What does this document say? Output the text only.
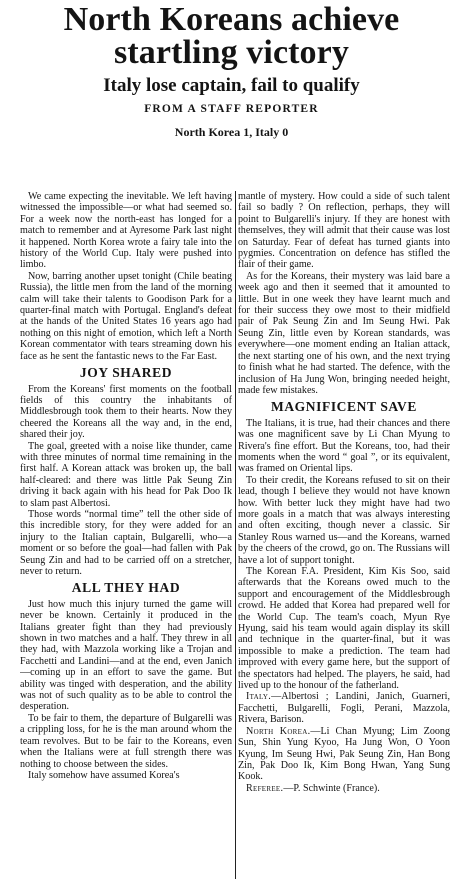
North Koreans achieve
startling victory
Italy lose captain, fail to qualify
FROM A STAFF REPORTER
North Korea 1, Italy 0

We came expecting the inevitable. We left having witnessed the impossible—or what had seemed so. For a week now the north-east has longed for a match to remember and at Ayresome Park last night it happened. North Korea wrote a fairy tale into the history of the World Cup. Italy were pushed into limbo.

Now, barring another upset tonight (Chile beating Russia), the little men from the land of the morning calm will take their talents to Goodison Park for a quarter-final match with Portugal. England's defeat at the hands of the United States 16 years ago had nothing on this night of emotion, which left a North Korean commentator with tears streaming down his face as he sent the fantastic news to the Far East.

JOY SHARED

From the Koreans' first moments on the football fields of this country the inhabitants of Middlesbrough took them to their hearts. Now they cheered the Koreans all the way and, in the end, shared their joy.

The goal, greeted with a noise like thunder, came with three minutes of normal time remaining in the first half. A Korean attack was broken up, the ball half-cleared: and there was little Pak Seung Zin driving it back again with his head for Pak Doo Ik to slam past Albertosi.

Those words “normal time” tell the other side of this incredible story, for they were added for an injury to the Italian captain, Bulgarelli, who—a moment or so before the goal—had fallen with Pak Seung Zin and had to be carried off on a stretcher, never to return.

ALL THEY HAD

Just how much this injury turned the game will never be known. Certainly it produced in the Italians greater fight than they had previously shown in two matches and a half. They threw in all they had, with Mazzola working like a Trojan and Facchetti and Landini—and at the end, even Janich—coming up in an effort to save the game. But ability was tinged with desperation, and the ability was not of such quality as to be able to control the desperation.

To be fair to them, the departure of Bulgarelli was a crippling loss, for he is the man around whom the team revolves. But to be fair to the Koreans, even when the Italians were at full strength there was nothing to choose between the sides.

Italy somehow have assumed Korea's

mantle of mystery. How could a side of such talent fail so badly ? On reflection, perhaps, they will point to Bulgarelli's injury. If they are honest with themselves, they will admit that their cause was lost on Saturday. Fear of defeat has turned giants into pygmies. Concentration on defence has stifled the flair of their game.

As for the Koreans, their mystery was laid bare a week ago and then it seemed that it amounted to little. But in one week they have learnt much and for their success they owe most to their midfield pair of Pak Seung Zin and Im Seung Hwi. Pak Seung Zin, little even by Korean standards, was everywhere—one moment ending an Italian attack, the next starting one of his own, and the next trying to finish what he had started. The defence, with the inclusion of Ha Jung Won, bringing needed height, made few mistakes.

MAGNIFICENT SAVE

The Italians, it is true, had their chances and there was one magnificent save by Li Chan Myung to Rivera's fine effort. But the Koreans, too, had their moments when the word “ goal ”, or its equivalent, was framed on Oriental lips.

To their credit, the Koreans refused to sit on their lead, though I believe they would not have known how. With better luck they might have had two more goals in a match that was always interesting and often exciting, though never a classic. Sir Stanley Rous warned us—and the Koreans, warned by the cheers of the crowd, go on. The Russians will have a lot of support tonight.

The Korean F.A. President, Kim Kis Soo, said afterwards that the Koreans owed much to the support and encouragement of the Middlesbrough crowd. He added that Korea had prepared well for the World Cup. The team's coach, Myun Rye Hyung, said his team would again display its skill and technique in the quarter-final, but it was impossible to make a prediction. The team had improved with every game here, but the support of the spectators had helped. The players, he said, had lived up to the honour of the fatherland.

Italy.—Albertosi ; Landini, Janich, Guarneri, Facchetti, Bulgarelli, Fogli, Perani, Mazzola, Rivera, Barison.

North Korea.—Li Chan Myung; Lim Zoong Sun, Shin Yung Kyoo, Ha Jung Won, O Yoon Kyung, Im Seung Hwi, Pak Seung Zin, Han Bong Zin, Pak Doo Ik, Kim Bong Hwan, Yang Sung Kook.

Referee.—P. Schwinte (France).
